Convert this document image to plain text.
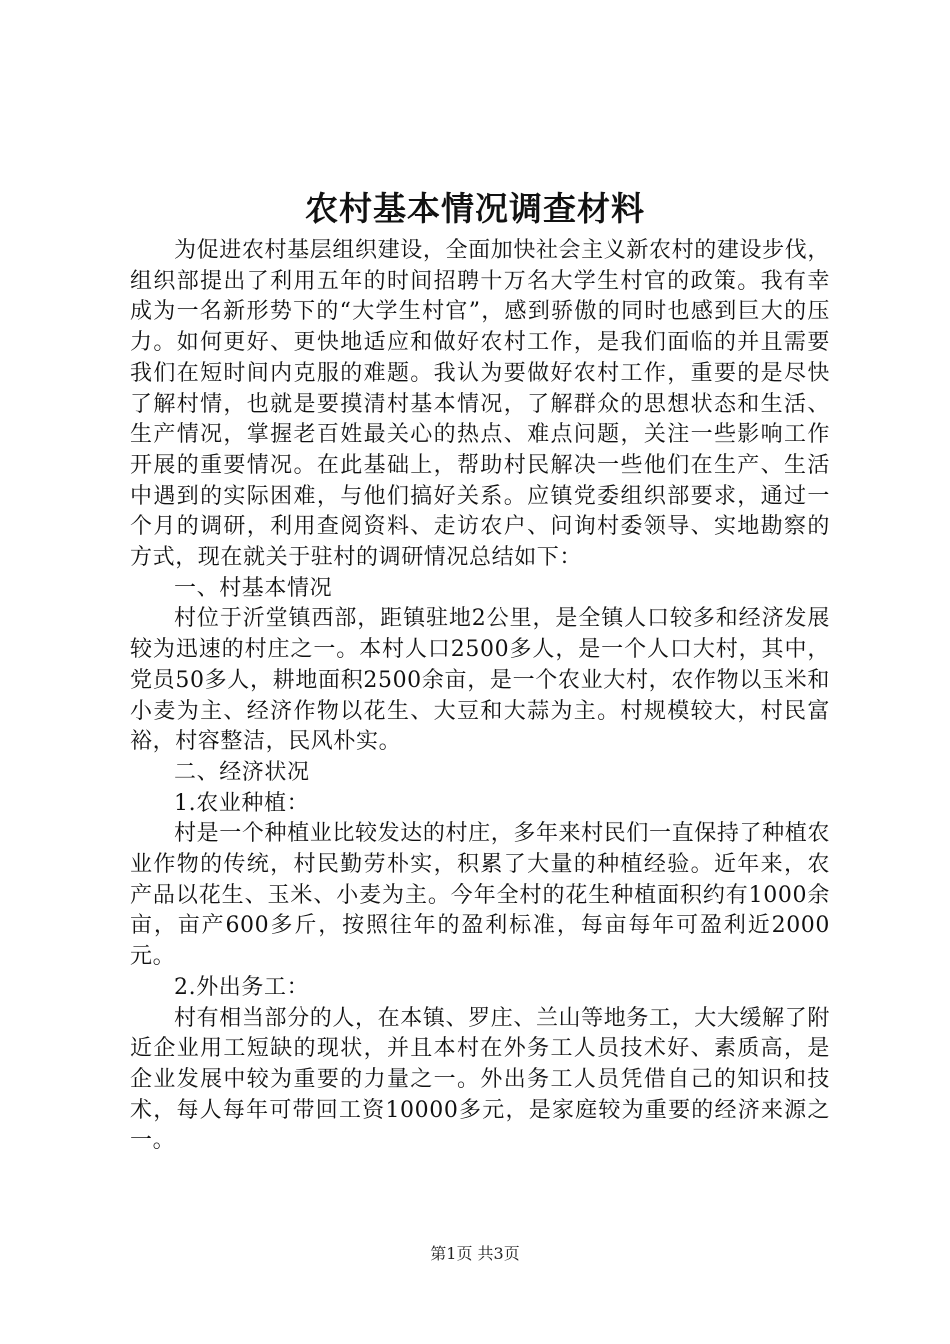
农村基本情况调查材料

为促进农村基层组织建设，全面加快社会主义新农村的建设步伐，组织部提出了利用五年的时间招聘十万名大学生村官的政策。我有幸成为一名新形势下的“大学生村官”，感到骄傲的同时也感到巨大的压力。如何更好、更快地适应和做好农村工作，是我们面临的并且需要我们在短时间内克服的难题。我认为要做好农村工作，重要的是尽快了解村情，也就是要摸清村基本情况，了解群众的思想状态和生活、生产情况，掌握老百姓最关心的热点、难点问题，关注一些影响工作开展的重要情况。在此基础上，帮助村民解决一些他们在生产、生活中遇到的实际困难，与他们搞好关系。应镇党委组织部要求，通过一个月的调研，利用查阅资料、走访农户、问询村委领导、实地勘察的方式，现在就关于驻村的调研情况总结如下：

一、村基本情况

村位于沂堂镇西部，距镇驻地2公里，是全镇人口较多和经济发展较为迅速的村庄之一。本村人口2500多人，是一个人口大村，其中，党员50多人，耕地面积2500余亩，是一个农业大村，农作物以玉米和小麦为主、经济作物以花生、大豆和大蒜为主。村规模较大，村民富裕，村容整洁，民风朴实。

二、经济状况

1.农业种植：

村是一个种植业比较发达的村庄，多年来村民们一直保持了种植农业作物的传统，村民勤劳朴实，积累了大量的种植经验。近年来，农产品以花生、玉米、小麦为主。今年全村的花生种植面积约有1000余亩，亩产600多斤，按照往年的盈利标准，每亩每年可盈利近2000元。

2.外出务工：

村有相当部分的人，在本镇、罗庄、兰山等地务工，大大缓解了附近企业用工短缺的现状，并且本村在外务工人员技术好、素质高，是企业发展中较为重要的力量之一。外出务工人员凭借自己的知识和技术，每人每年可带回工资10000多元，是家庭较为重要的经济来源之一。

第1页 共3页
